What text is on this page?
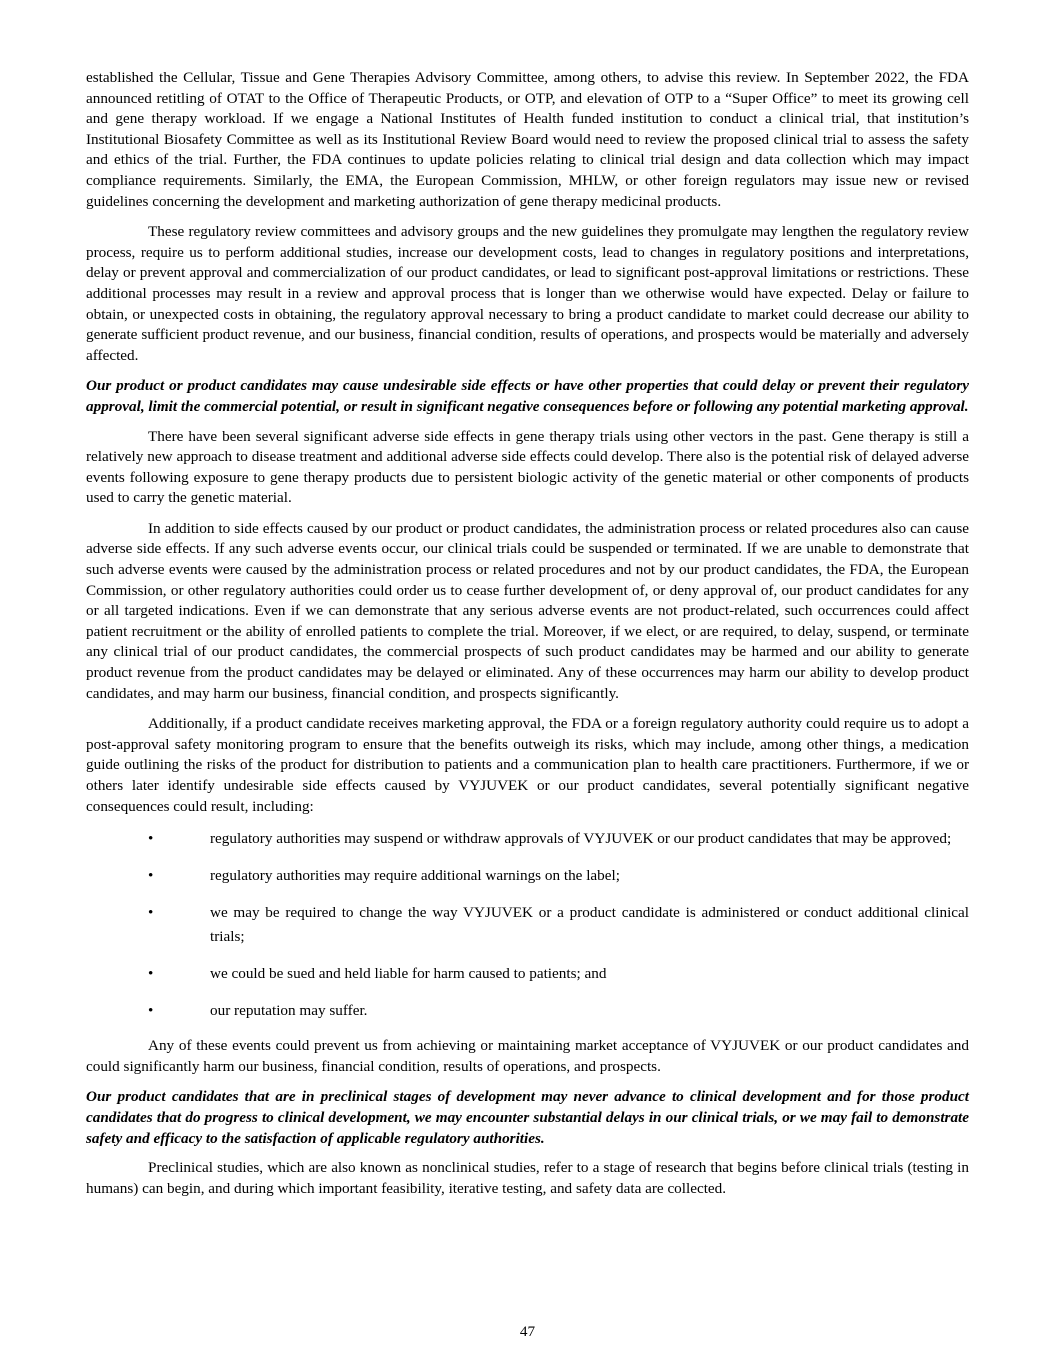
established the Cellular, Tissue and Gene Therapies Advisory Committee, among others, to advise this review. In September 2022, the FDA announced retitling of OTAT to the Office of Therapeutic Products, or OTP, and elevation of OTP to a “Super Office” to meet its growing cell and gene therapy workload. If we engage a National Institutes of Health funded institution to conduct a clinical trial, that institution’s Institutional Biosafety Committee as well as its Institutional Review Board would need to review the proposed clinical trial to assess the safety and ethics of the trial. Further, the FDA continues to update policies relating to clinical trial design and data collection which may impact compliance requirements. Similarly, the EMA, the European Commission, MHLW, or other foreign regulators may issue new or revised guidelines concerning the development and marketing authorization of gene therapy medicinal products.

These regulatory review committees and advisory groups and the new guidelines they promulgate may lengthen the regulatory review process, require us to perform additional studies, increase our development costs, lead to changes in regulatory positions and interpretations, delay or prevent approval and commercialization of our product candidates, or lead to significant post-approval limitations or restrictions. These additional processes may result in a review and approval process that is longer than we otherwise would have expected. Delay or failure to obtain, or unexpected costs in obtaining, the regulatory approval necessary to bring a product candidate to market could decrease our ability to generate sufficient product revenue, and our business, financial condition, results of operations, and prospects would be materially and adversely affected.

Our product or product candidates may cause undesirable side effects or have other properties that could delay or prevent their regulatory approval, limit the commercial potential, or result in significant negative consequences before or following any potential marketing approval.

There have been several significant adverse side effects in gene therapy trials using other vectors in the past. Gene therapy is still a relatively new approach to disease treatment and additional adverse side effects could develop. There also is the potential risk of delayed adverse events following exposure to gene therapy products due to persistent biologic activity of the genetic material or other components of products used to carry the genetic material.

In addition to side effects caused by our product or product candidates, the administration process or related procedures also can cause adverse side effects. If any such adverse events occur, our clinical trials could be suspended or terminated. If we are unable to demonstrate that such adverse events were caused by the administration process or related procedures and not by our product candidates, the FDA, the European Commission, or other regulatory authorities could order us to cease further development of, or deny approval of, our product candidates for any or all targeted indications. Even if we can demonstrate that any serious adverse events are not product-related, such occurrences could affect patient recruitment or the ability of enrolled patients to complete the trial. Moreover, if we elect, or are required, to delay, suspend, or terminate any clinical trial of our product candidates, the commercial prospects of such product candidates may be harmed and our ability to generate product revenue from the product candidates may be delayed or eliminated. Any of these occurrences may harm our ability to develop product candidates, and may harm our business, financial condition, and prospects significantly.

Additionally, if a product candidate receives marketing approval, the FDA or a foreign regulatory authority could require us to adopt a post-approval safety monitoring program to ensure that the benefits outweigh its risks, which may include, among other things, a medication guide outlining the risks of the product for distribution to patients and a communication plan to health care practitioners. Furthermore, if we or others later identify undesirable side effects caused by VYJUVEK or our product candidates, several potentially significant negative consequences could result, including:

•	regulatory authorities may suspend or withdraw approvals of VYJUVEK or our product candidates that may be approved;
•	regulatory authorities may require additional warnings on the label;
•	we may be required to change the way VYJUVEK or a product candidate is administered or conduct additional clinical trials;
•	we could be sued and held liable for harm caused to patients; and
•	our reputation may suffer.

Any of these events could prevent us from achieving or maintaining market acceptance of VYJUVEK or our product candidates and could significantly harm our business, financial condition, results of operations, and prospects.

Our product candidates that are in preclinical stages of development may never advance to clinical development and for those product candidates that do progress to clinical development, we may encounter substantial delays in our clinical trials, or we may fail to demonstrate safety and efficacy to the satisfaction of applicable regulatory authorities.

Preclinical studies, which are also known as nonclinical studies, refer to a stage of research that begins before clinical trials (testing in humans) can begin, and during which important feasibility, iterative testing, and safety data are collected.

47
